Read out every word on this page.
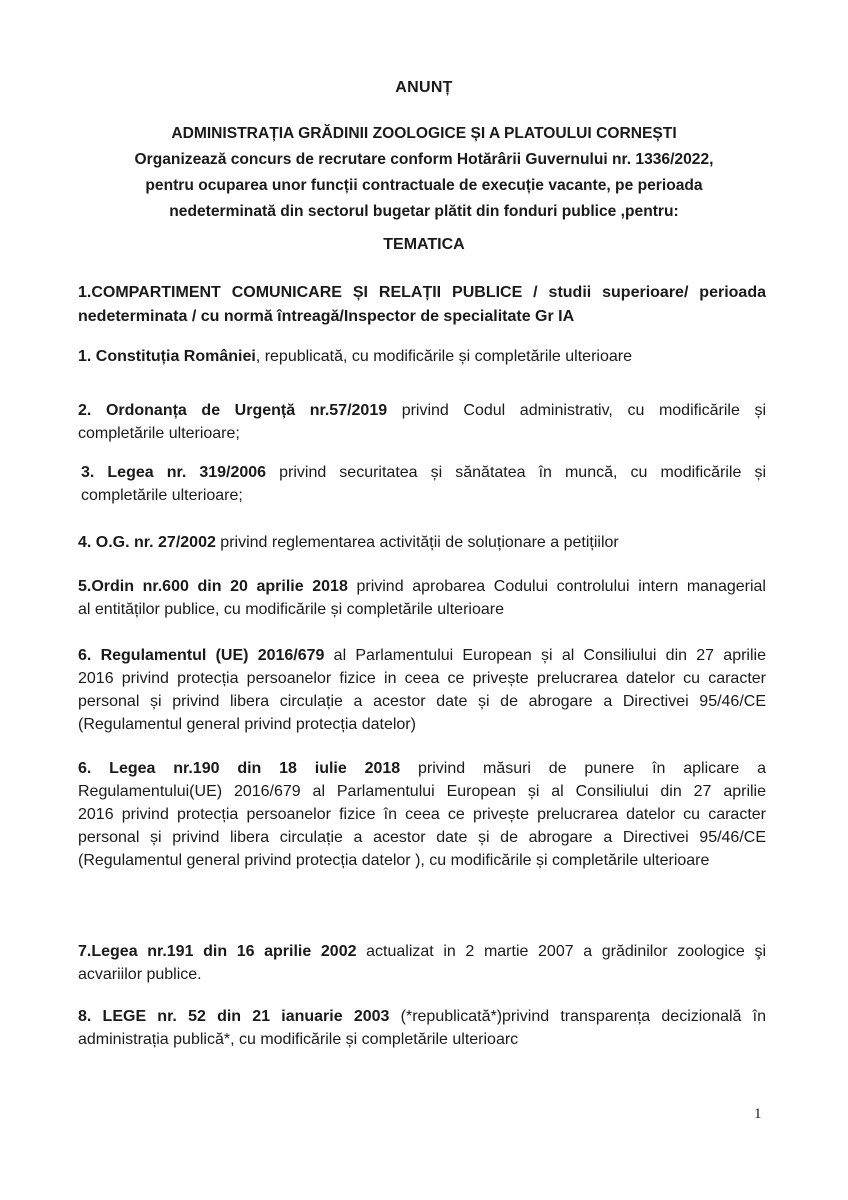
ANUNȚ
ADMINISTRAȚIA GRĂDINII ZOOLOGICE ȘI A PLATOULUI CORNEȘTI
Organizează concurs de recrutare conform Hotărârii Guvernului nr. 1336/2022,
pentru ocuparea unor funcții contractuale de execuție vacante, pe perioada
nedeterminată din sectorul bugetar plătit din fonduri publice ,pentru:
TEMATICA
1.COMPARTIMENT COMUNICARE ȘI RELAȚII PUBLICE / studii superioare/ perioada
nedeterminata / cu normă întreagă/Inspector de specialitate Gr IA
1. Constituția României, republicată, cu modificările și completările ulterioare
2. Ordonanța de Urgență nr.57/2019 privind Codul administrativ, cu modificările și
completările ulterioare;
3. Legea nr. 319/2006 privind securitatea și sănătatea în muncă, cu modificările și
completările ulterioare;
4. O.G. nr. 27/2002 privind reglementarea activității de soluționare a petițiilor
5.Ordin nr.600 din 20 aprilie 2018 privind aprobarea Codului controlului intern managerial
al entităților publice, cu modificările și completările ulterioare
6. Regulamentul (UE) 2016/679 al Parlamentului European și al Consiliului din 27 aprilie
2016 privind protecția persoanelor fizice in ceea ce privește prelucrarea datelor cu caracter
personal și privind libera circulație a acestor date și de abrogare a Directivei 95/46/CE
(Regulamentul general privind protecția datelor)
6. Legea nr.190 din 18 iulie 2018 privind măsuri de punere în aplicare a
Regulamentului(UE) 2016/679 al Parlamentului European și al Consiliului din 27 aprilie
2016 privind protecția persoanelor fizice în ceea ce privește prelucrarea datelor cu caracter
personal și privind libera circulație a acestor date și de abrogare a Directivei 95/46/CE
(Regulamentul general privind protecția datelor ), cu modificările și completările ulterioare
7.Legea nr.191 din 16 aprilie 2002 actualizat in 2 martie 2007 a grădinilor zoologice şi
acvariilor publice.
8. LEGE nr. 52 din 21 ianuarie 2003 (*republicată*)privind transparența decizională în
administrația publică*, cu modificările și completările ulterioarc
1
